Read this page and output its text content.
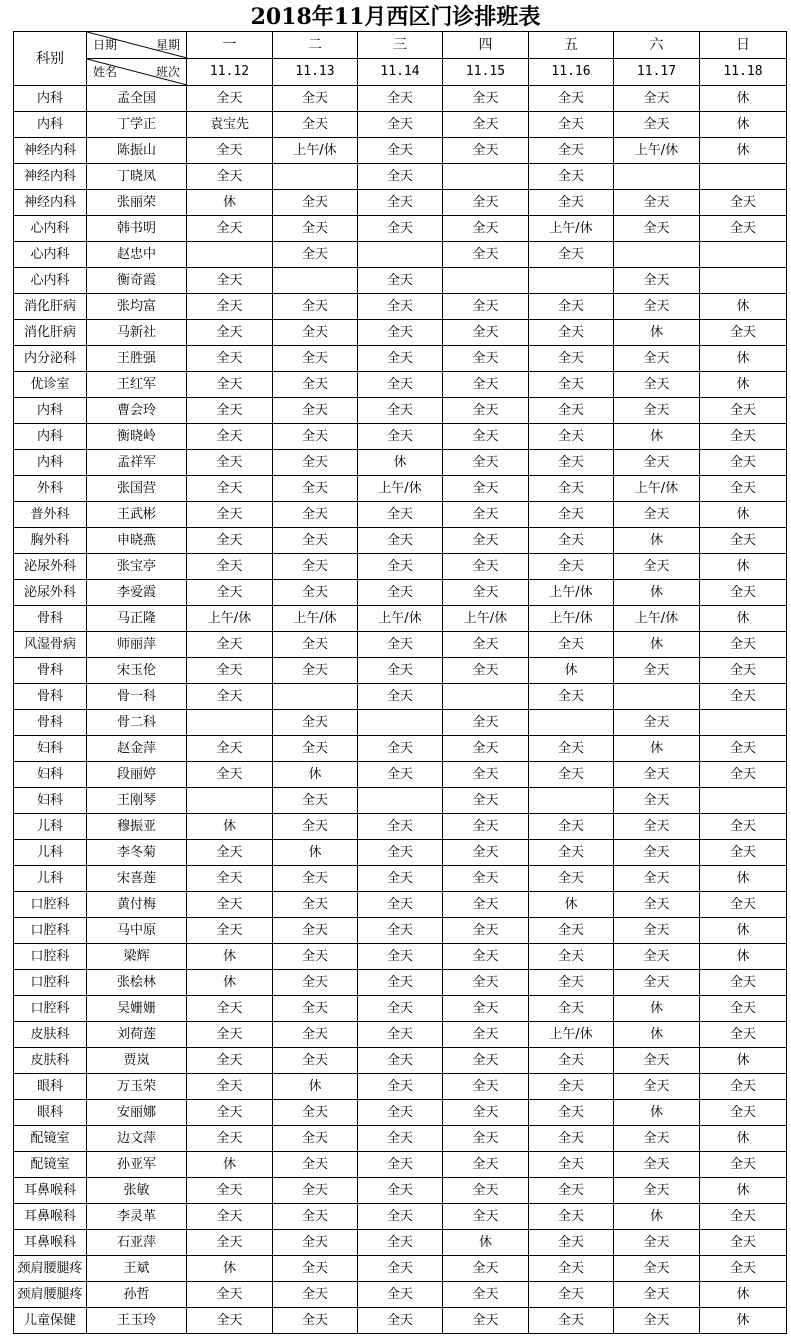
2018年11月西区门诊排班表
科别	日期 星期	一	二	三	四	五	六	日

	姓名 班次	11.12	11.13	11.14	11.15	11.16	11.17	11.18
内科	孟全国	全天	全天	全天	全天	全天	全天	休
内科	丁学正	袁宝先	全天	全天	全天	全天	全天	休
神经内科	陈振山	全天	上午/休	全天	全天	全天	上午/休	休
神经内科	丁晓凤	全天		全天		全天		
神经内科	张丽荣	休	全天	全天	全天	全天	全天	全天
心内科	韩书明	全天	全天	全天	全天	上午/休	全天	全天
心内科	赵忠中		全天		全天	全天		
心内科	衡奇霞	全天		全天			全天	
消化肝病	张均富	全天	全天	全天	全天	全天	全天	休
消化肝病	马新社	全天	全天	全天	全天	全天	休	全天
内分泌科	王胜强	全天	全天	全天	全天	全天	全天	休
优诊室	王红军	全天	全天	全天	全天	全天	全天	休
内科	曹会玲	全天	全天	全天	全天	全天	全天	全天
内科	衡晓岭	全天	全天	全天	全天	全天	休	全天
内科	孟祥军	全天	全天	休	全天	全天	全天	全天
外科	张国营	全天	全天	上午/休	全天	全天	上午/休	全天
普外科	王武彬	全天	全天	全天	全天	全天	全天	休
胸外科	申晓燕	全天	全天	全天	全天	全天	休	全天
泌尿外科	张宝亭	全天	全天	全天	全天	全天	全天	休
泌尿外科	李爱霞	全天	全天	全天	全天	上午/休	休	全天
骨科	马正隆	上午/休	上午/休	上午/休	上午/休	上午/休	上午/休	休
风湿骨病	师丽萍	全天	全天	全天	全天	全天	休	全天
骨科	宋玉伦	全天	全天	全天	全天	休	全天	全天
骨科	骨一科	全天		全天		全天		全天
骨科	骨二科		全天		全天		全天	
妇科	赵金萍	全天	全天	全天	全天	全天	休	全天
妇科	段丽婷	全天	休	全天	全天	全天	全天	全天
妇科	王刚琴		全天		全天		全天	
儿科	穆振亚	休	全天	全天	全天	全天	全天	全天
儿科	李冬菊	全天	休	全天	全天	全天	全天	全天
儿科	宋喜莲	全天	全天	全天	全天	全天	全天	休
口腔科	黄付梅	全天	全天	全天	全天	休	全天	全天
口腔科	马中原	全天	全天	全天	全天	全天	全天	休
口腔科	梁辉	休	全天	全天	全天	全天	全天	休
口腔科	张桧林	休	全天	全天	全天	全天	全天	全天
口腔科	吴姗姗	全天	全天	全天	全天	全天	休	全天
皮肤科	刘荷莲	全天	全天	全天	全天	上午/休	休	全天
皮肤科	贾岚	全天	全天	全天	全天	全天	全天	休
眼科	万玉荣	全天	休	全天	全天	全天	全天	全天
眼科	安丽娜	全天	全天	全天	全天	全天	休	全天
配镜室	边文萍	全天	全天	全天	全天	全天	全天	休
配镜室	孙亚军	休	全天	全天	全天	全天	全天	全天
耳鼻喉科	张敏	全天	全天	全天	全天	全天	全天	休
耳鼻喉科	李灵革	全天	全天	全天	全天	全天	休	全天
耳鼻喉科	石亚萍	全天	全天	全天	休	全天	全天	全天
颈肩腰腿疼	王斌	休	全天	全天	全天	全天	全天	全天
颈肩腰腿疼	孙哲	全天	全天	全天	全天	全天	全天	休
儿童保健	王玉玲	全天	全天	全天	全天	全天	全天	休
